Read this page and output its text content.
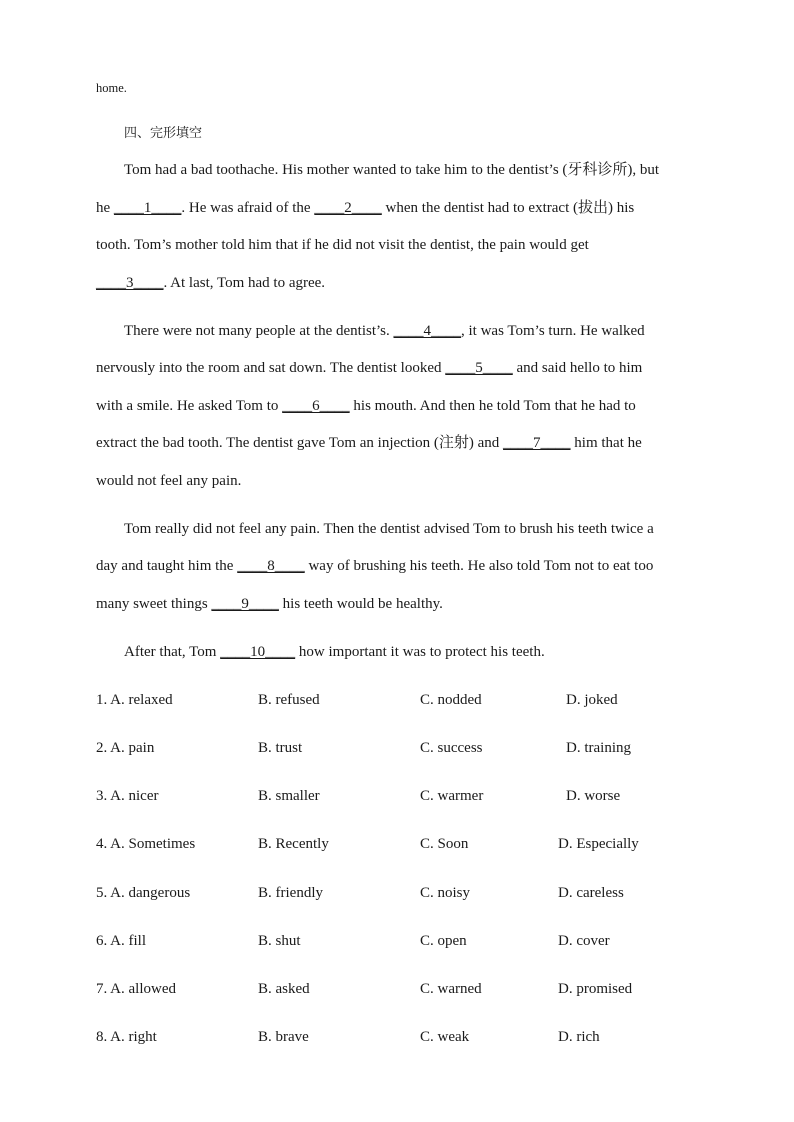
home.
四、完形填空
Tom had a bad toothache. His mother wanted to take him to the dentist’s (牙科诊所), but
he ____1____. He was afraid of the ____2____ when the dentist had to extract (拔出) his
tooth. Tom’s mother told him that if he did not visit the dentist, the pain would get
____3____. At last, Tom had to agree.
There were not many people at the dentist’s. ____4____, it was Tom’s turn. He walked
nervously into the room and sat down. The dentist looked ____5____ and said hello to him
with a smile. He asked Tom to ____6____ his mouth. And then he told Tom that he had to
extract the bad tooth. The dentist gave Tom an injection (注射) and ____7____ him that he
would not feel any pain.
Tom really did not feel any pain. Then the dentist advised Tom to brush his teeth twice a
day and taught him the ____8____ way of brushing his teeth. He also told Tom not to eat too
many sweet things ____9____ his teeth would be healthy.
After that, Tom ____10____ how important it was to protect his teeth.
1. A. relaxed	B. refused	C. nodded	D. joked
2. A. pain	B. trust	C. success	D. training
3. A. nicer	B. smaller	C. warmer	D. worse
4. A. Sometimes	B. Recently	C. Soon	D. Especially
5. A. dangerous	B. friendly	C. noisy	D. careless
6. A. fill	B. shut	C. open	D. cover
7. A. allowed	B. asked	C. warned	D. promised
8. A. right	B. brave	C. weak	D. rich
